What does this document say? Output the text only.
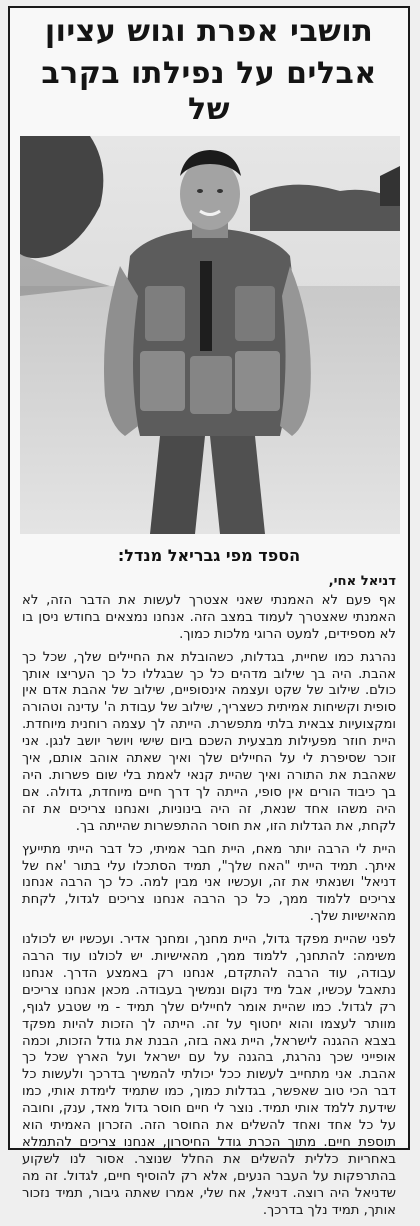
תושבי אפרת וגוש עציון
אבלים על נפילתו בקרב של
הספד מפי גבריאל מנדל:

דניאל אחי,

אף פעם לא האמנתי שאני אצטרך לעשות את הדבר הזה, לא האמנתי שאצטרך לעמוד במצב הזה. אנחנו נמצאים בחודש ניסן בו לא מספידים, למעט הרוגי מלכות כמוך.

נהרגת כמו שחיית, בגדלות, כשהובלת את החיילים שלך, שכל כך אהבת. היה בך שילוב מדהים כל כך שבגללו כל כך העריצו אותך כולם. שילוב של שקט ועצמה אינסופיים, שילוב של אהבת אדם אין סופית וקשיחות אמיתית כשצריך, שילוב של עבודת ה' עדינה וטהורה ומקצועיות צבאית בלתי מתפשרת. הייתה לך עצמה רוחנית מיוחדת. היית חוזר מפעילות מבצעית השכם ביום שישי ויושר יושב לנגן. אני זוכר שסיפרת לי על החיילים שלך ואיך שאתה אוהב אותם, איך שאהבת את התורה ואיך שהיית קנאי לאמת בלי שום פשרות. היה בך כיבוד הורים אין סופי, הייתה לך דרך חיים מיוחדת, גדולה. אם היה משהו אחד שנאת, זה היה בינוניות, ואנחנו צריכים את זה לקחת, את הגדלות הזו, את חוסר ההתפשרות שהייתה בך.

היית לי הרבה יותר מאח, היית חבר אמיתי, כל דבר הייתי מתייעץ איתך. תמיד הייתי "האח שלך", תמיד הסתכלו עלי בתור 'אח של דניאל' ושנאתי את זה, ועכשיו אני מבין למה. כל כך הרבה אנחנו צריכים ללמוד ממך, כל כך הרבה אנחנו צריכים לגדול, לקחת מהאישיות שלך.

לפני שהיית מפקד גדול, היית מחנך, ומחנך אדיר. ועכשיו יש לכולנו משימה: להתחנך, ללמוד ממך, מהאישיות. יש לכולנו עוד הרבה עבודה, עוד הרבה להתקדם, אנחנו רק באמצע הדרך. אנחנו נתאבל עכשיו, אבל מיד נקום ונמשיך בעבודה. מכאן אנחנו צריכים רק לגדול. כמו שהיית אומר לחיילים שלך תמיד - מי שטבע לגוף, מוותר לעצמו והוא יחטוף על זה. הייתה לך הזכות להיות מפקד בצבא ההגנה לישראל, היית גאה בזה, הבנת את גודל הזכות, וכמה אופייני שכך נהרגת, בהגנה על עם ישראל ועל הארץ שכל כך אהבת. אני מתחייב לעשות ככל יכולתי להמשיך בדרכך ולעשות כל דבר הכי טוב שאפשר, בגדלות כמוך, כמו שתמיד לימדת אותי, כמו שידעת ללמד אותי תמיד. נוצר לי חיים חוסר גדול מאד, ענק, וחובה על כל אחד ואחד להשלים את החוסר הזה. הזכרון האמיתי הוא תוספת חיים. מתוך הכרת גודל החיסרון, אנחנו צריכים להתמלא באחריות כללית להשלים את החלל שנוצר. אסור לנו לשקוע בהתרפקות על העבר הנעים, אלא רק להוסיף חיים, לגדול. זה מה שדניאל היה רוצה. דניאל, אח שלי, אמרו שאתה גיבור, תמיד נזכור אותך, תמיד נלך בדרכך.
